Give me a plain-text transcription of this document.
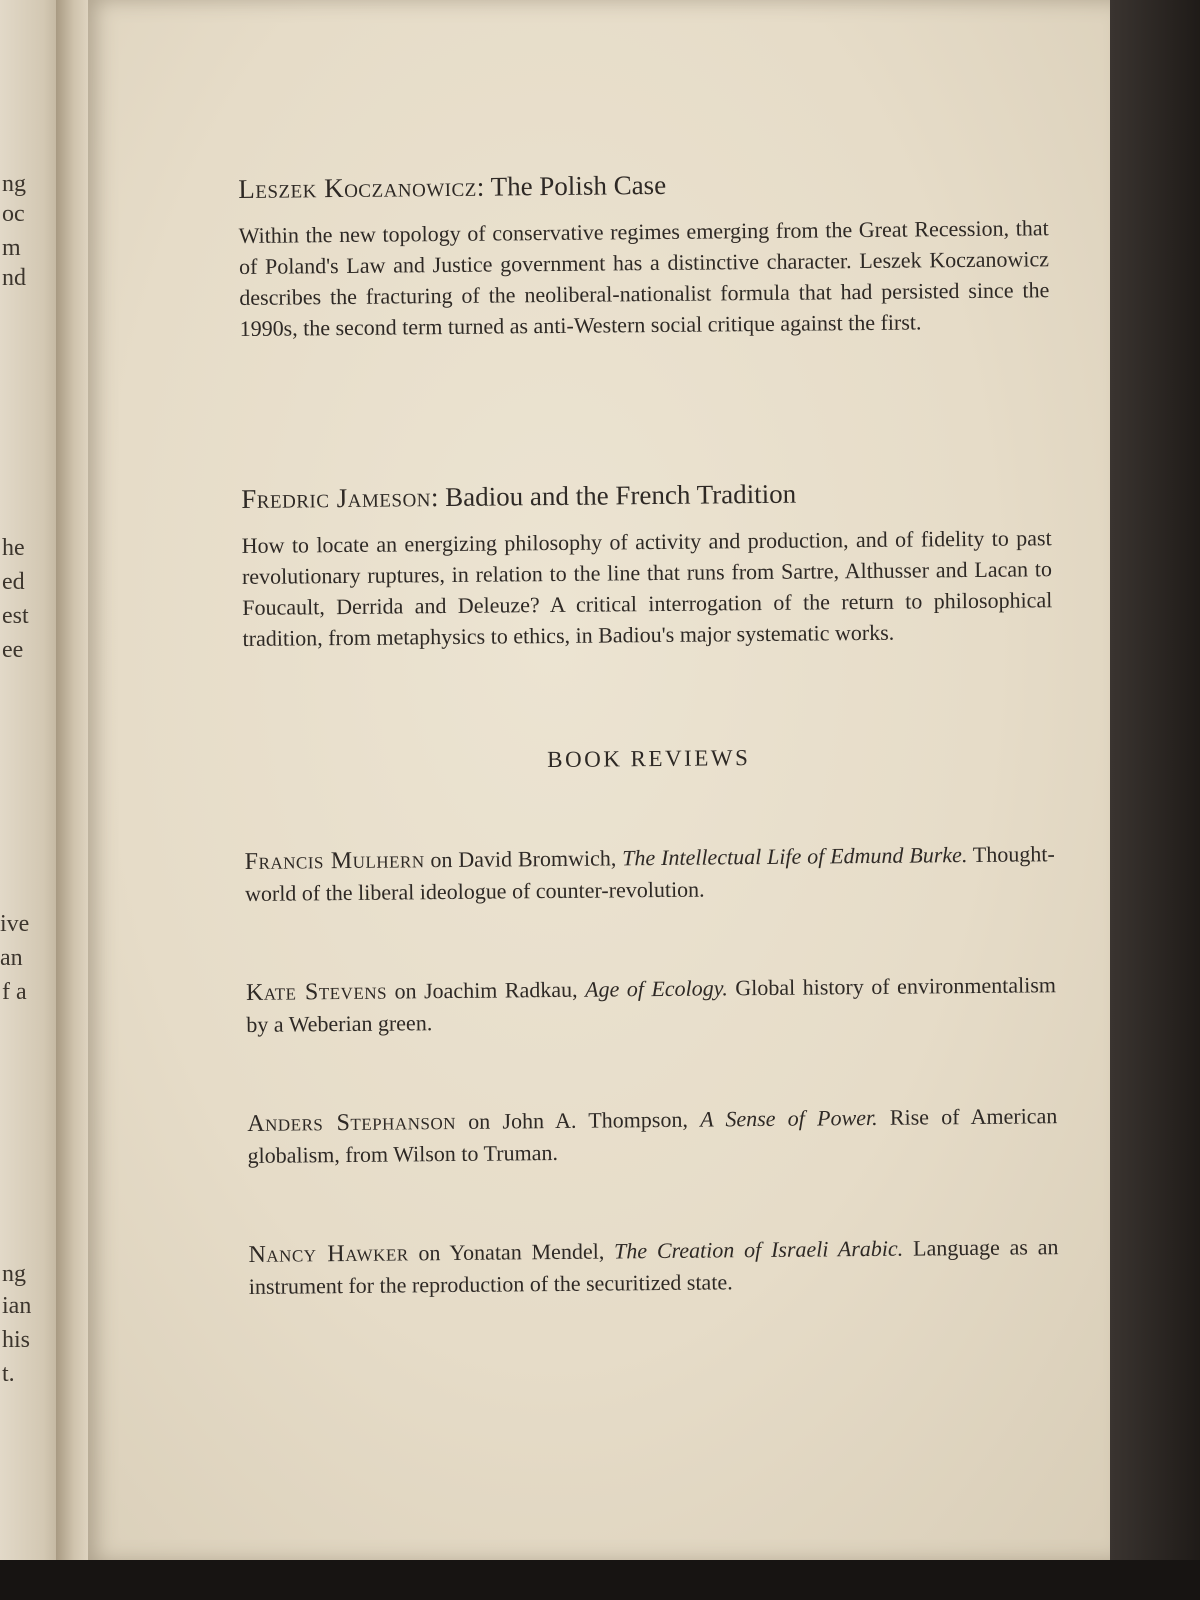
ng
oc
m
nd
he
ed
est
ee
ive
an
f a
ng
ian
his
t.

Leszek Koczanowicz: The Polish Case

Within the new topology of conservative regimes emerging from the Great Recession, that of Poland's Law and Justice government has a distinctive character. Leszek Koczanowicz describes the fracturing of the neoliberal-nationalist formula that had persisted since the 1990s, the second term turned as anti-Western social critique against the first.

Fredric Jameson: Badiou and the French Tradition

How to locate an energizing philosophy of activity and production, and of fidelity to past revolutionary ruptures, in relation to the line that runs from Sartre, Althusser and Lacan to Foucault, Derrida and Deleuze? A critical interrogation of the return to philosophical tradition, from metaphysics to ethics, in Badiou's major systematic works.

BOOK REVIEWS

Francis Mulhern on David Bromwich, The Intellectual Life of Edmund Burke. Thought-world of the liberal ideologue of counter-revolution.

Kate Stevens on Joachim Radkau, Age of Ecology. Global history of environmentalism by a Weberian green.

Anders Stephanson on John A. Thompson, A Sense of Power. Rise of American globalism, from Wilson to Truman.

Nancy Hawker on Yonatan Mendel, The Creation of Israeli Arabic. Language as an instrument for the reproduction of the securitized state.
